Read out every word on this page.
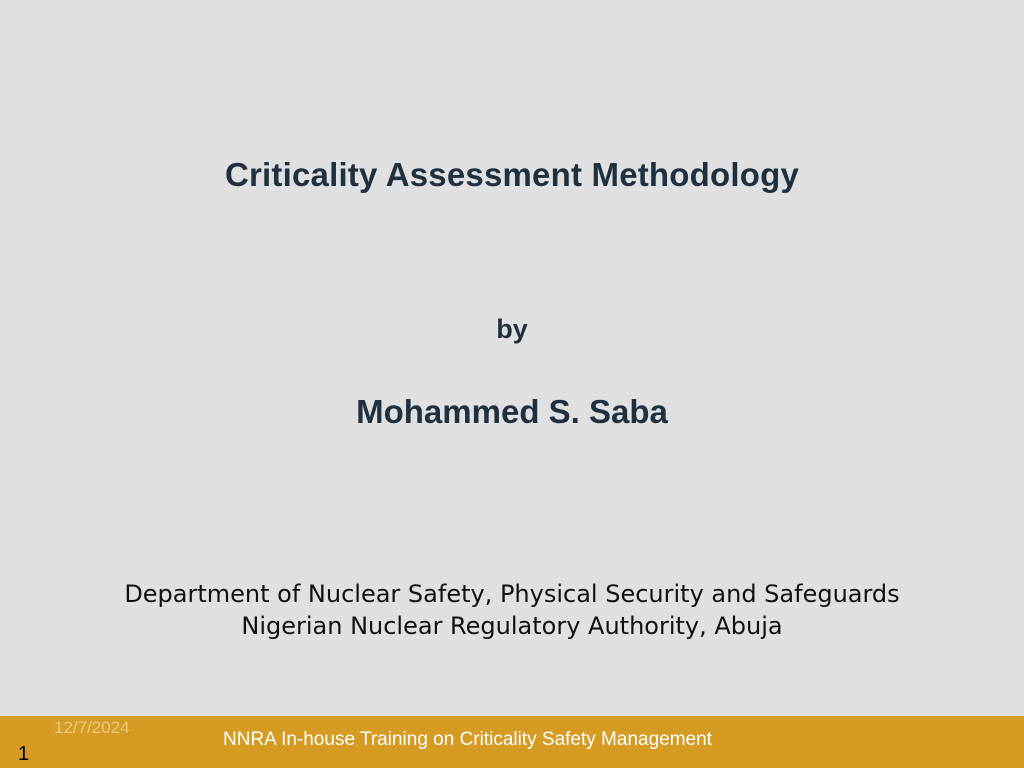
Criticality Assessment Methodology
by
Mohammed S. Saba
Department of Nuclear Safety, Physical Security and Safeguards
Nigerian Nuclear Regulatory Authority, Abuja
12/7/2024
NNRA In-house Training on Criticality Safety Management
1
